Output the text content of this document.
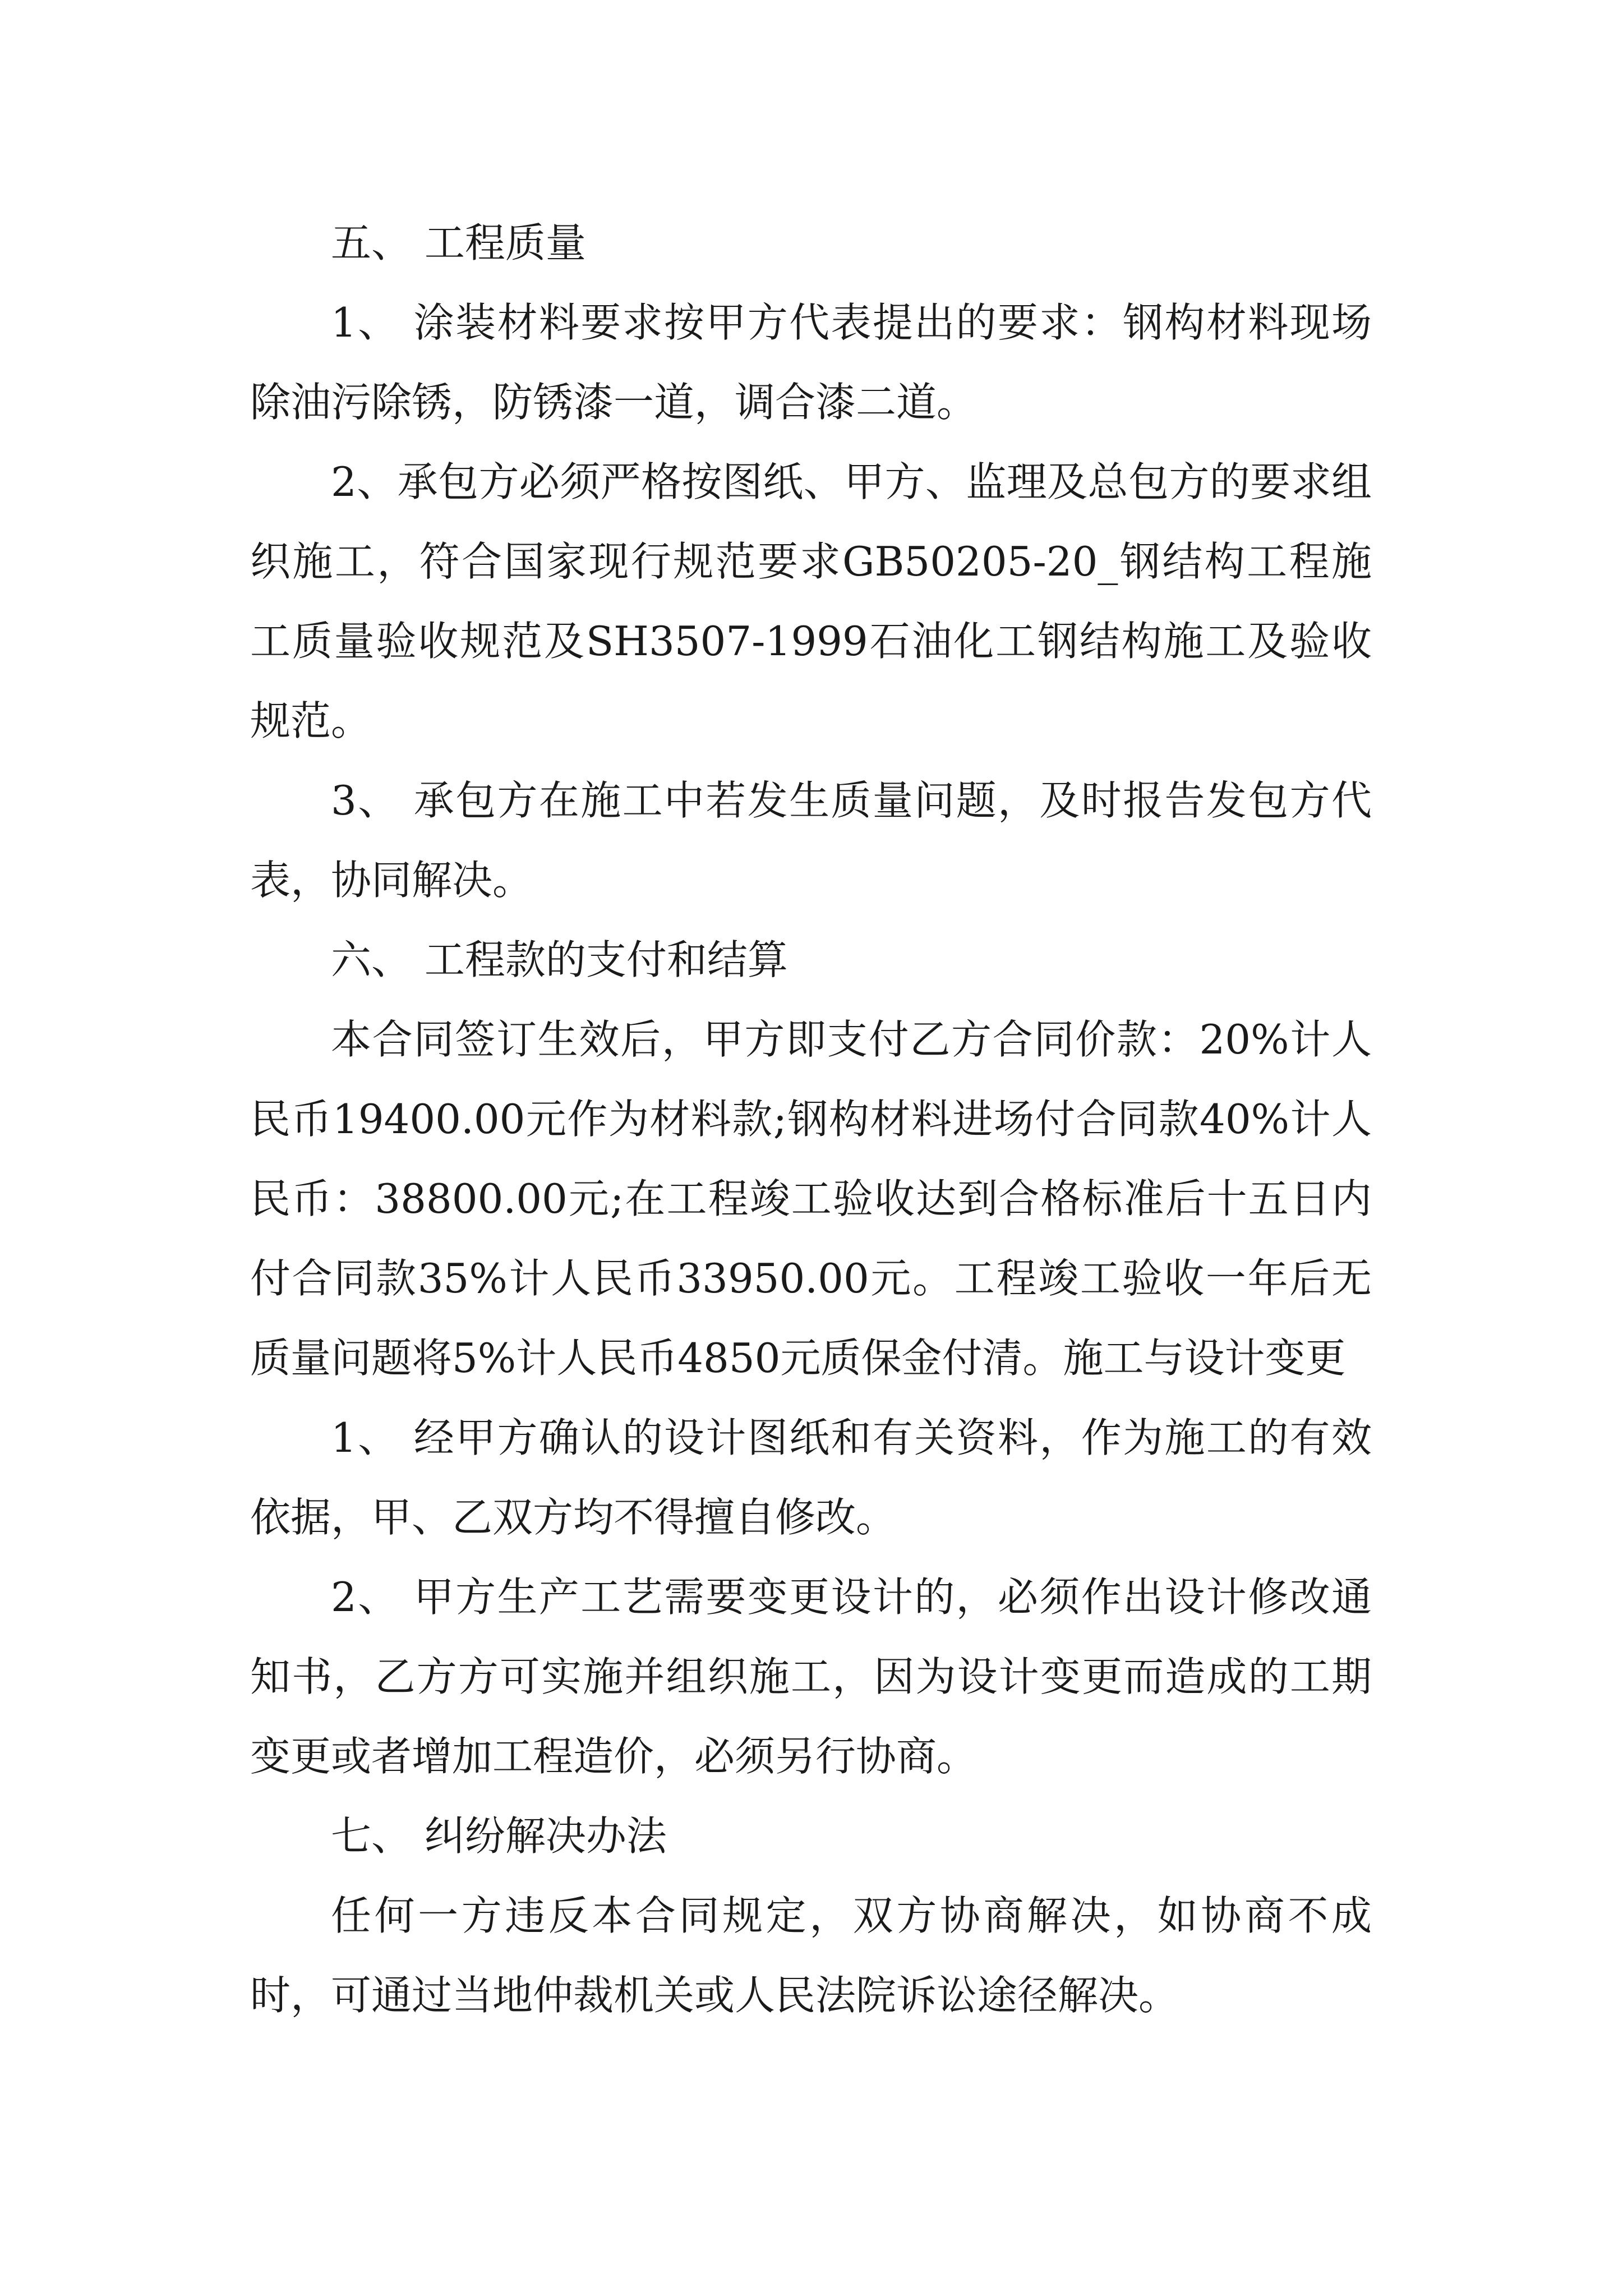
五、 工程质量

1、 涂装材料要求按甲方代表提出的要求：钢构材料现场除油污除锈，防锈漆一道，调合漆二道。

2、承包方必须严格按图纸、甲方、监理及总包方的要求组织施工，符合国家现行规范要求GB50205-20_钢结构工程施工质量验收规范及SH3507-1999石油化工钢结构施工及验收规范。

3、 承包方在施工中若发生质量问题，及时报告发包方代表，协同解决。

六、 工程款的支付和结算

本合同签订生效后，甲方即支付乙方合同价款：20%计人民币19400.00元作为材料款;钢构材料进场付合同款40%计人民币：38800.00元;在工程竣工验收达到合格标准后十五日内付合同款35%计人民币33950.00元。工程竣工验收一年后无质量问题将5%计人民币4850元质保金付清。施工与设计变更

1、 经甲方确认的设计图纸和有关资料，作为施工的有效依据，甲、乙双方均不得擅自修改。

2、 甲方生产工艺需要变更设计的，必须作出设计修改通知书，乙方方可实施并组织施工，因为设计变更而造成的工期变更或者增加工程造价，必须另行协商。

七、 纠纷解决办法

任何一方违反本合同规定，双方协商解决，如协商不成时，可通过当地仲裁机关或人民法院诉讼途径解决。
